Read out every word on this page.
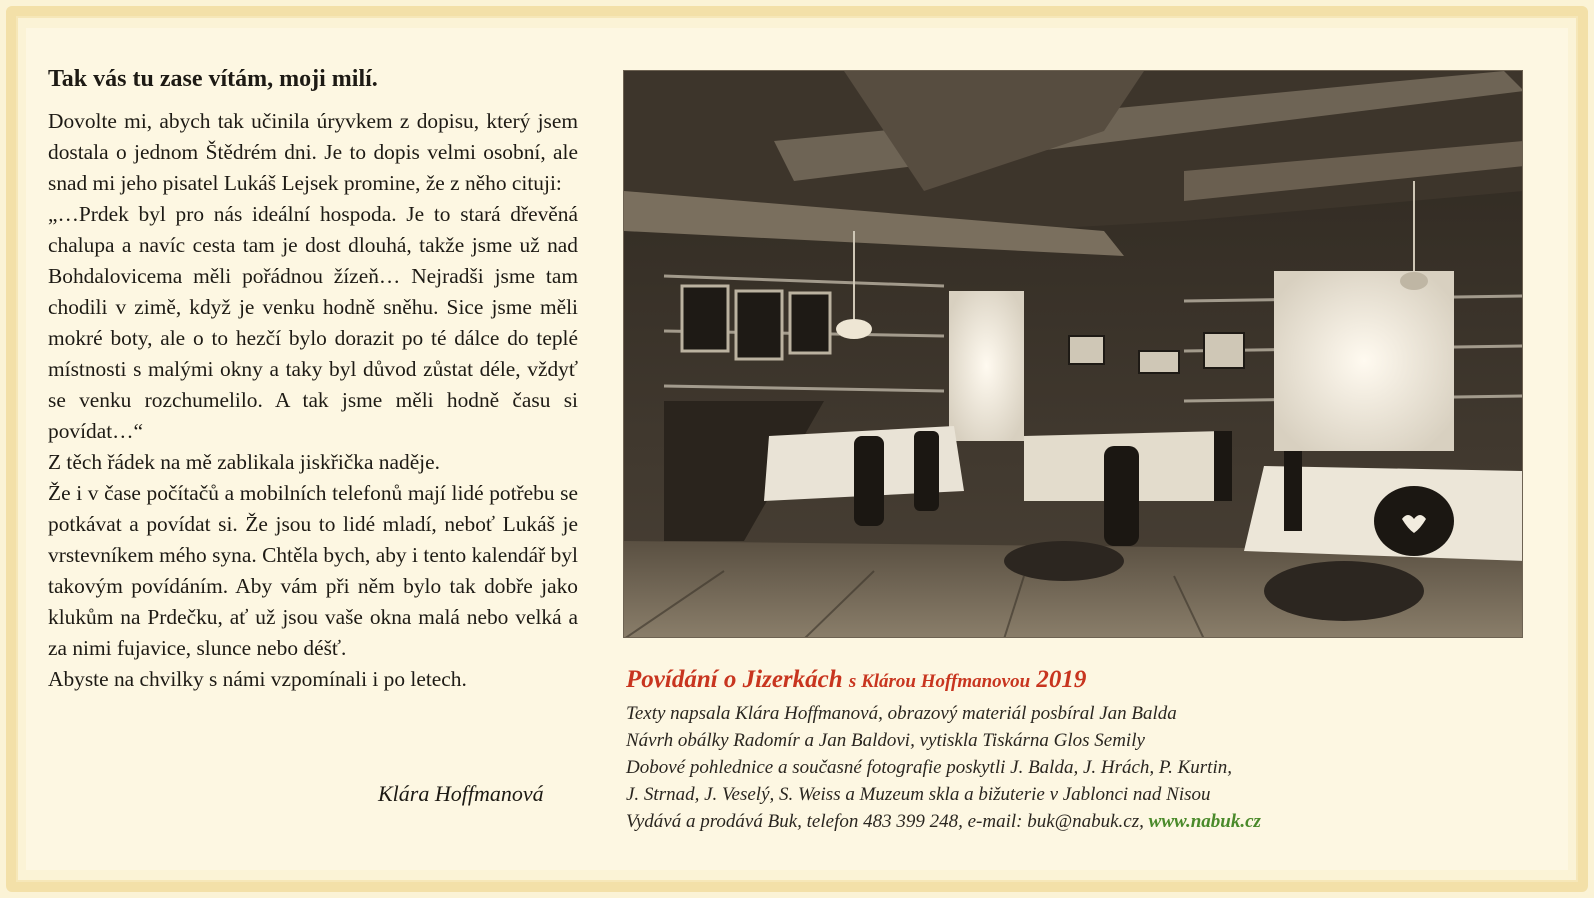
Tak vás tu zase vítám, moji milí.

Dovolte mi, abych tak učinila úryvkem z dopisu, který jsem dostala o jednom Štědrém dni. Je to dopis velmi osobní, ale snad mi jeho pisatel Lukáš Lejsek promine, že z něho cituji:

„…Prdek byl pro nás ideální hospoda. Je to stará dřevěná chalupa a navíc cesta tam je dost dlouhá, takže jsme už nad Bohdalovicema měli pořádnou žízeň… Nejradši jsme tam chodili v zimě, když je venku hodně sněhu. Sice jsme měli mokré boty, ale o to hezčí bylo dorazit po té dálce do teplé místnosti s malými okny a taky byl důvod zůstat déle, vždyť se venku rozchumelilo. A tak jsme měli hodně času si povídat…“

Z těch řádek na mě zablikala jiskřička naděje.

Že i v čase počítačů a mobilních telefonů mají lidé potřebu se potkávat a povídat si. Že jsou to lidé mladí, neboť Lukáš je vrstevníkem mého syna. Chtěla bych, aby i tento kalendář byl takovým povídáním. Aby vám při něm bylo tak dobře jako klukům na Prdečku, ať už jsou vaše okna malá nebo velká a za nimi fujavice, slunce nebo déšť.

Abyste na chvilky s námi vzpomínali i po letech.

Klára Hoffmanová
Povídání o Jizerkách s Klárou Hoffmanovou 2019
Texty napsala Klára Hoffmanová, obrazový materiál posbíral Jan Balda
Návrh obálky Radomír a Jan Baldovi, vytiskla Tiskárna Glos Semily
Dobové pohlednice a současné fotografie poskytli J. Balda, J. Hrách, P. Kurtin,
J. Strnad, J. Veselý, S. Weiss a Muzeum skla a bižuterie v Jablonci nad Nisou
Vydává a prodává Buk, telefon 483 399 248, e-mail: buk@nabuk.cz, www.nabuk.cz
